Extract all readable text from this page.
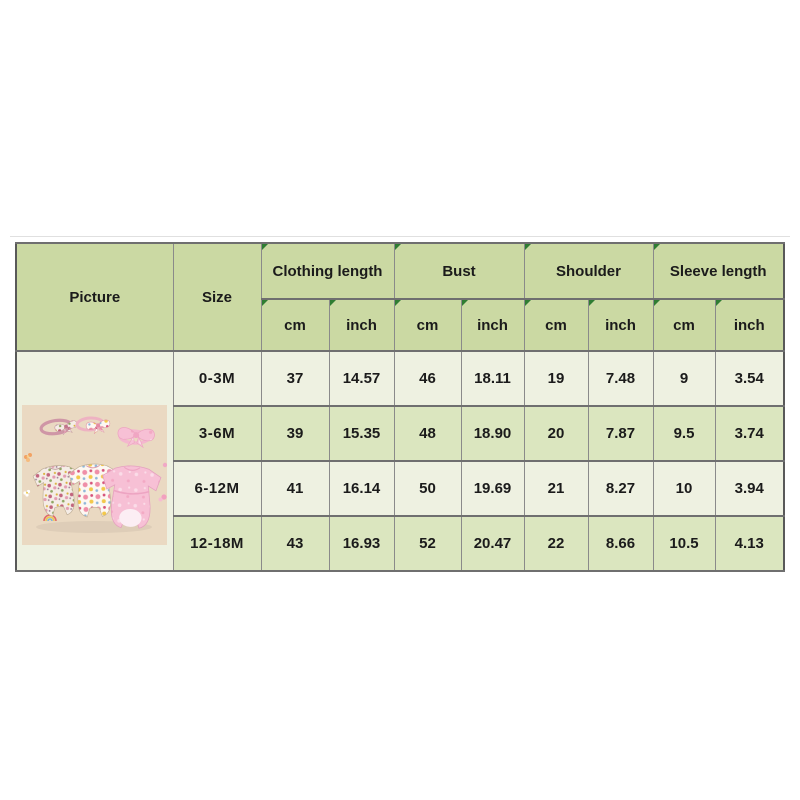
Picture	Size	Clothing length		Bust		Shoulder		Sleeve length	
		cm	inch	cm	inch	cm	inch	cm	inch

	0-3M	37	14.57	46	18.11	19	7.48	9	3.54
	3-6M	39	15.35	48	18.90	20	7.87	9.5	3.74
	6-12M	41	16.14	50	19.69	21	8.27	10	3.94
	12-18M	43	16.93	52	20.47	22	8.66	10.5	4.13
